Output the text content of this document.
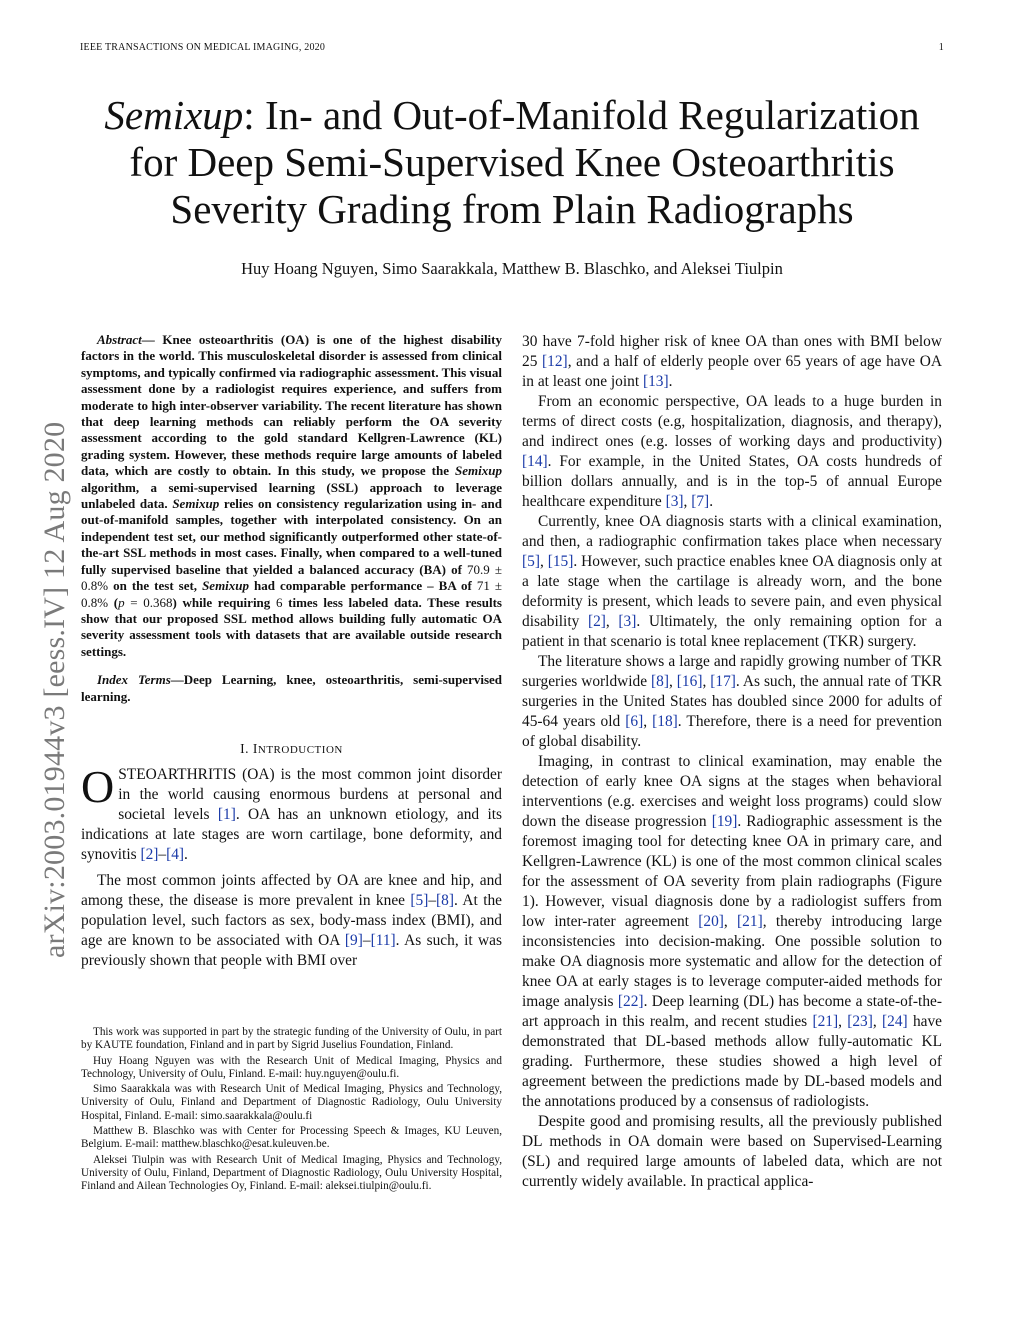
IEEE TRANSACTIONS ON MEDICAL IMAGING, 2020	1
arXiv:2003.01944v3 [eess.IV] 12 Aug 2020
Semixup: In- and Out-of-Manifold Regularization
for Deep Semi-Supervised Knee Osteoarthritis
Severity Grading from Plain Radiographs
Huy Hoang Nguyen, Simo Saarakkala, Matthew B. Blaschko, and Aleksei Tiulpin

Abstract— Knee osteoarthritis (OA) is one of the highest disability factors in the world. This musculoskeletal disorder is assessed from clinical symptoms, and typically confirmed via radiographic assessment. This visual assessment done by a radiologist requires experience, and suffers from moderate to high inter-observer variability. The recent literature has shown that deep learning methods can reliably perform the OA severity assessment according to the gold standard Kellgren-Lawrence (KL) grading system. However, these methods require large amounts of labeled data, which are costly to obtain. In this study, we propose the Semixup algorithm, a semi-supervised learning (SSL) approach to leverage unlabeled data. Semixup relies on consistency regularization using in- and out-of-manifold samples, together with interpolated consistency. On an independent test set, our method significantly outperformed other state-of-the-art SSL methods in most cases. Finally, when compared to a well-tuned fully supervised baseline that yielded a balanced accuracy (BA) of 70.9 ± 0.8% on the test set, Semixup had comparable performance – BA of 71 ± 0.8% (p = 0.368) while requiring 6 times less labeled data. These results show that our proposed SSL method allows building fully automatic OA severity assessment tools with datasets that are available outside research settings.

Index Terms—Deep Learning, knee, osteoarthritis, semi-supervised learning.

I. INTRODUCTION

OSTEOARTHRITIS (OA) is the most common joint disorder in the world causing enormous burdens at personal and societal levels [1]. OA has an unknown etiology, and its indications at late stages are worn cartilage, bone deformity, and synovitis [2]–[4].

The most common joints affected by OA are knee and hip, and among these, the disease is more prevalent in knee [5]–[8]. At the population level, such factors as sex, body-mass index (BMI), and age are known to be associated with OA [9]–[11]. As such, it was previously shown that people with BMI over

This work was supported in part by the strategic funding of the University of Oulu, in part by KAUTE foundation, Finland and in part by Sigrid Juselius Foundation, Finland.

Huy Hoang Nguyen was with the Research Unit of Medical Imaging, Physics and Technology, University of Oulu, Finland. E-mail: huy.nguyen@oulu.fi.

Simo Saarakkala was with Research Unit of Medical Imaging, Physics and Technology, University of Oulu, Finland and Department of Diagnostic Radiology, Oulu University Hospital, Finland. E-mail: simo.saarakkala@oulu.fi

Matthew B. Blaschko was with Center for Processing Speech & Images, KU Leuven, Belgium. E-mail: matthew.blaschko@esat.kuleuven.be.

Aleksei Tiulpin was with Research Unit of Medical Imaging, Physics and Technology, University of Oulu, Finland, Department of Diagnostic Radiology, Oulu University Hospital, Finland and Ailean Technologies Oy, Finland. E-mail: aleksei.tiulpin@oulu.fi.

30 have 7-fold higher risk of knee OA than ones with BMI below 25 [12], and a half of elderly people over 65 years of age have OA in at least one joint [13].

From an economic perspective, OA leads to a huge burden in terms of direct costs (e.g, hospitalization, diagnosis, and therapy), and indirect ones (e.g. losses of working days and productivity) [14]. For example, in the United States, OA costs hundreds of billion dollars annually, and is in the top-5 of annual Europe healthcare expenditure [3], [7].

Currently, knee OA diagnosis starts with a clinical examination, and then, a radiographic confirmation takes place when necessary [5], [15]. However, such practice enables knee OA diagnosis only at a late stage when the cartilage is already worn, and the bone deformity is present, which leads to severe pain, and even physical disability [2], [3]. Ultimately, the only remaining option for a patient in that scenario is total knee replacement (TKR) surgery.

The literature shows a large and rapidly growing number of TKR surgeries worldwide [8], [16], [17]. As such, the annual rate of TKR surgeries in the United States has doubled since 2000 for adults of 45-64 years old [6], [18]. Therefore, there is a need for prevention of global disability.

Imaging, in contrast to clinical examination, may enable the detection of early knee OA signs at the stages when behavioral interventions (e.g. exercises and weight loss programs) could slow down the disease progression [19]. Radiographic assessment is the foremost imaging tool for detecting knee OA in primary care, and Kellgren-Lawrence (KL) is one of the most common clinical scales for the assessment of OA severity from plain radiographs (Figure 1). However, visual diagnosis done by a radiologist suffers from low inter-rater agreement [20], [21], thereby introducing large inconsistencies into decision-making. One possible solution to make OA diagnosis more systematic and allow for the detection of knee OA at early stages is to leverage computer-aided methods for image analysis [22]. Deep learning (DL) has become a state-of-the-art approach in this realm, and recent studies [21], [23], [24] have demonstrated that DL-based methods allow fully-automatic KL grading. Furthermore, these studies showed a high level of agreement between the predictions made by DL-based models and the annotations produced by a consensus of radiologists.

Despite good and promising results, all the previously published DL methods in OA domain were based on Supervised-Learning (SL) and required large amounts of labeled data, which are not currently widely available. In practical applica-
